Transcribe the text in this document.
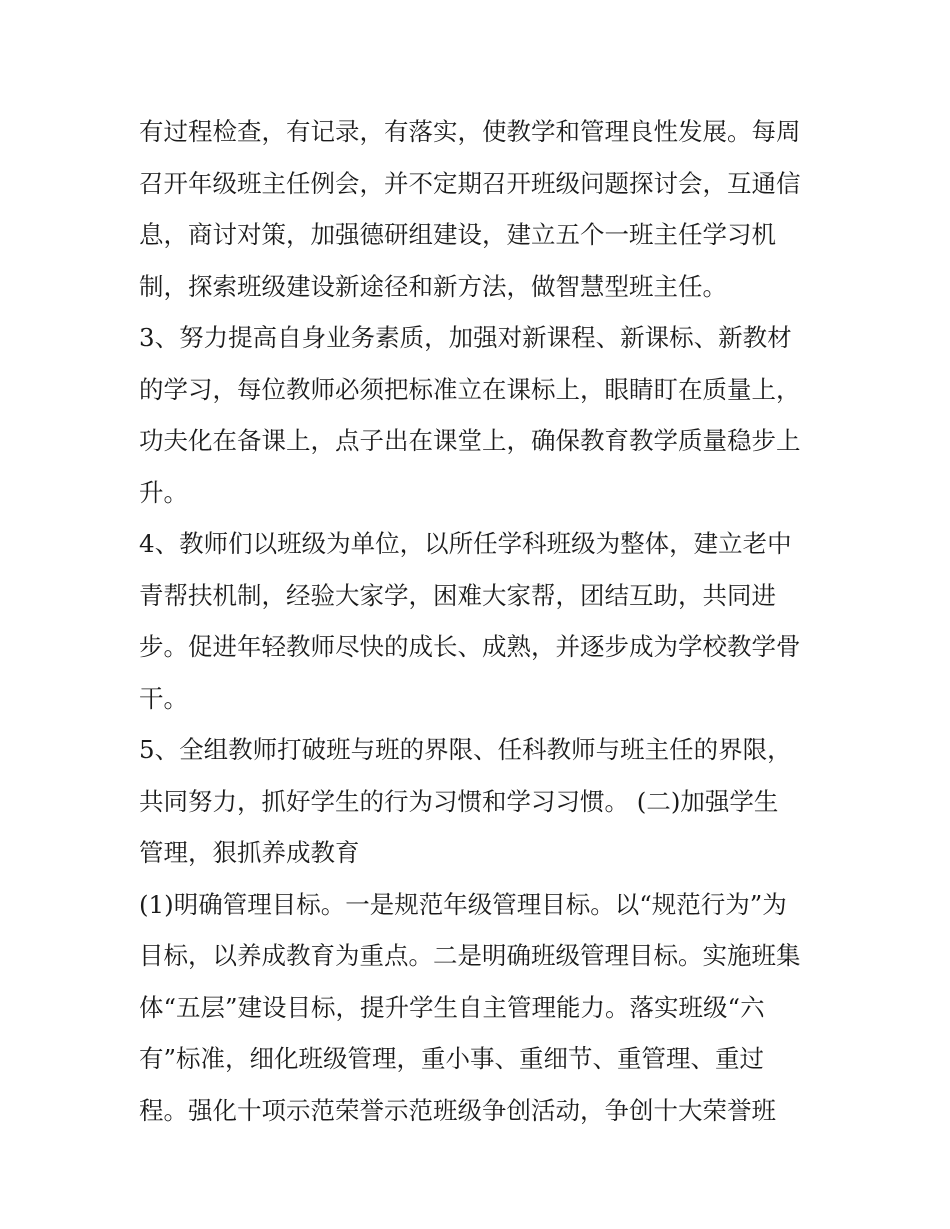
有过程检查，有记录，有落实，使教学和管理良性发展。每周
召开年级班主任例会，并不定期召开班级问题探讨会，互通信
息，商讨对策，加强德研组建设，建立五个一班主任学习机
制，探索班级建设新途径和新方法，做智慧型班主任。
3、努力提高自身业务素质，加强对新课程、新课标、新教材
的学习，每位教师必须把标准立在课标上，眼睛盯在质量上，
功夫化在备课上，点子出在课堂上，确保教育教学质量稳步上
升。
4、教师们以班级为单位，以所任学科班级为整体，建立老中
青帮扶机制，经验大家学，困难大家帮，团结互助，共同进
步。促进年轻教师尽快的成长、成熟，并逐步成为学校教学骨
干。
5、全组教师打破班与班的界限、任科教师与班主任的界限，
共同努力，抓好学生的行为习惯和学习习惯。 (二)加强学生
管理，狠抓养成教育
(1)明确管理目标。一是规范年级管理目标。以“规范行为”为
目标，以养成教育为重点。二是明确班级管理目标。实施班集
体“五层”建设目标，提升学生自主管理能力。落实班级“六
有”标准，细化班级管理，重小事、重细节、重管理、重过
程。强化十项示范荣誉示范班级争创活动，争创十大荣誉班
